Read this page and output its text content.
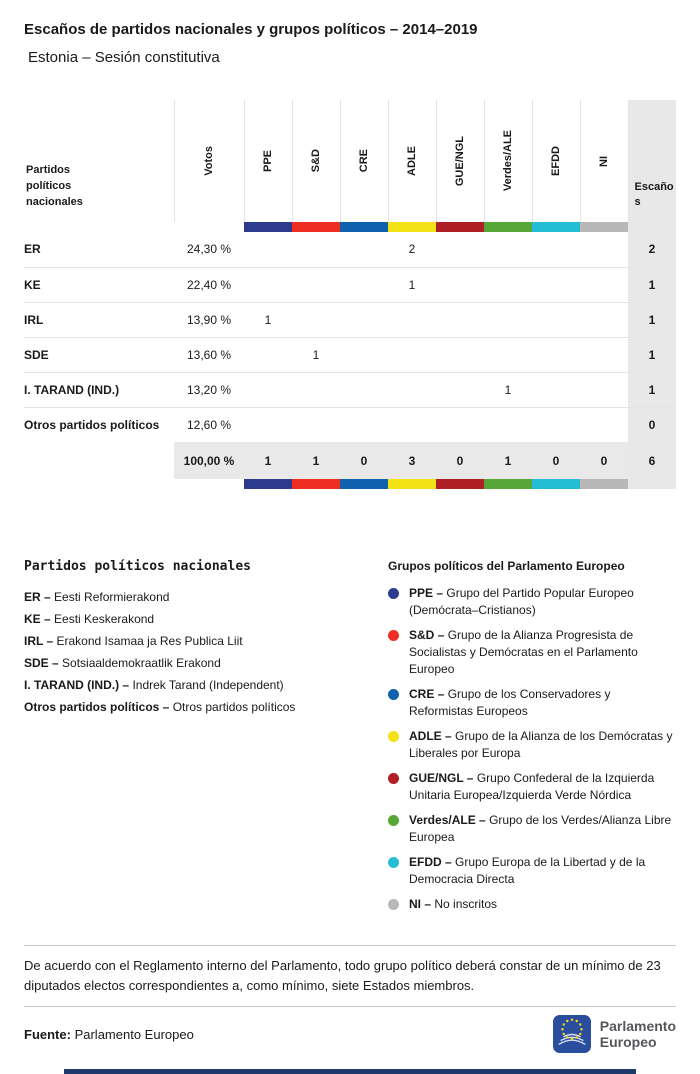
Escaños de partidos nacionales y grupos políticos – 2014–2019
Estonia – Sesión constitutiva
Partidos políticos nacionales	Votos	PPE	S&D	CRE	ADLE	GUE/NGL	Verdes/ALE	EFDD	NI	Escaños

ER	24,30 %				2					2
KE	22,40 %				1					1
IRL	13,90 %	1								1
SDE	13,60 %		1							1
I. TARAND (IND.)	13,20 %						1			1
Otros partidos políticos	12,60 %									0
	100,00 %	1	1	0	3	0	1	0	0	6

Partidos políticos nacionales
ER – Eesti Reformierakond
KE – Eesti Keskerakond
IRL – Erakond Isamaa ja Res Publica Liit
SDE – Sotsiaaldemokraatlik Erakond
I. TARAND (IND.) – Indrek Tarand (Independent)
Otros partidos políticos – Otros partidos políticos
Grupos políticos del Parlamento Europeo
PPE – Grupo del Partido Popular Europeo (Demócrata–Cristianos)
S&D – Grupo de la Alianza Progresista de Socialistas y Demócratas en el Parlamento Europeo
CRE – Grupo de los Conservadores y Reformistas Europeos
ADLE – Grupo de la Alianza de los Demócratas y Liberales por Europa
GUE/NGL – Grupo Confederal de la Izquierda Unitaria Europea/Izquierda Verde Nórdica
Verdes/ALE – Grupo de los Verdes/Alianza Libre Europea
EFDD – Grupo Europa de la Libertad y de la Democracia Directa
NI – No inscritos

De acuerdo con el Reglamento interno del Parlamento, todo grupo político deberá constar de un mínimo de 23 diputados electos correspondientes a, como mínimo, siete Estados miembros.

Fuente: Parlamento Europeo	Parlamento
Europeo
